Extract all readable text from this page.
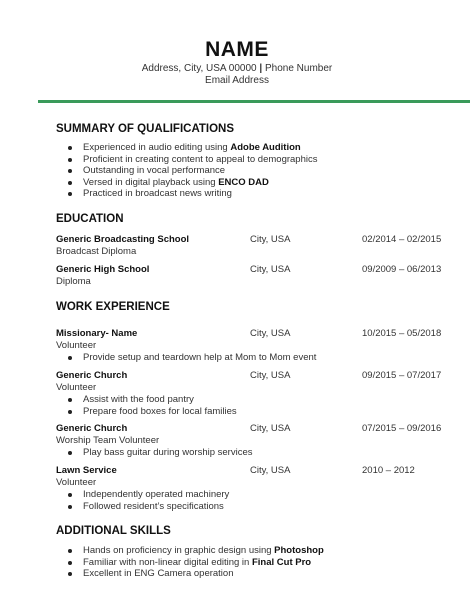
NAME
Address, City, USA 00000 | Phone Number
Email Address
SUMMARY OF QUALIFICATIONS
Experienced in audio editing using Adobe Audition
Proficient in creating content to appeal to demographics
Outstanding in vocal performance
Versed in digital playback using ENCO DAD
Practiced in broadcast news writing
EDUCATION
Generic Broadcasting School	City, USA	02/2014 – 02/2015
Broadcast Diploma
Generic High School	City, USA	09/2009 – 06/2013
Diploma
WORK EXPERIENCE
Missionary- Name	City, USA	10/2015 – 05/2018
Volunteer
Provide setup and teardown help at Mom to Mom event
Generic Church	City, USA	09/2015 – 07/2017
Volunteer
Assist with the food pantry
Prepare food boxes for local families
Generic Church	City, USA	07/2015 – 09/2016
Worship Team Volunteer
Play bass guitar during worship services
Lawn Service	City, USA	2010 – 2012
Volunteer
Independently operated machinery
Followed resident’s specifications
ADDITIONAL SKILLS
Hands on proficiency in graphic design using Photoshop
Familiar with non-linear digital editing in Final Cut Pro
Excellent in ENG Camera operation
